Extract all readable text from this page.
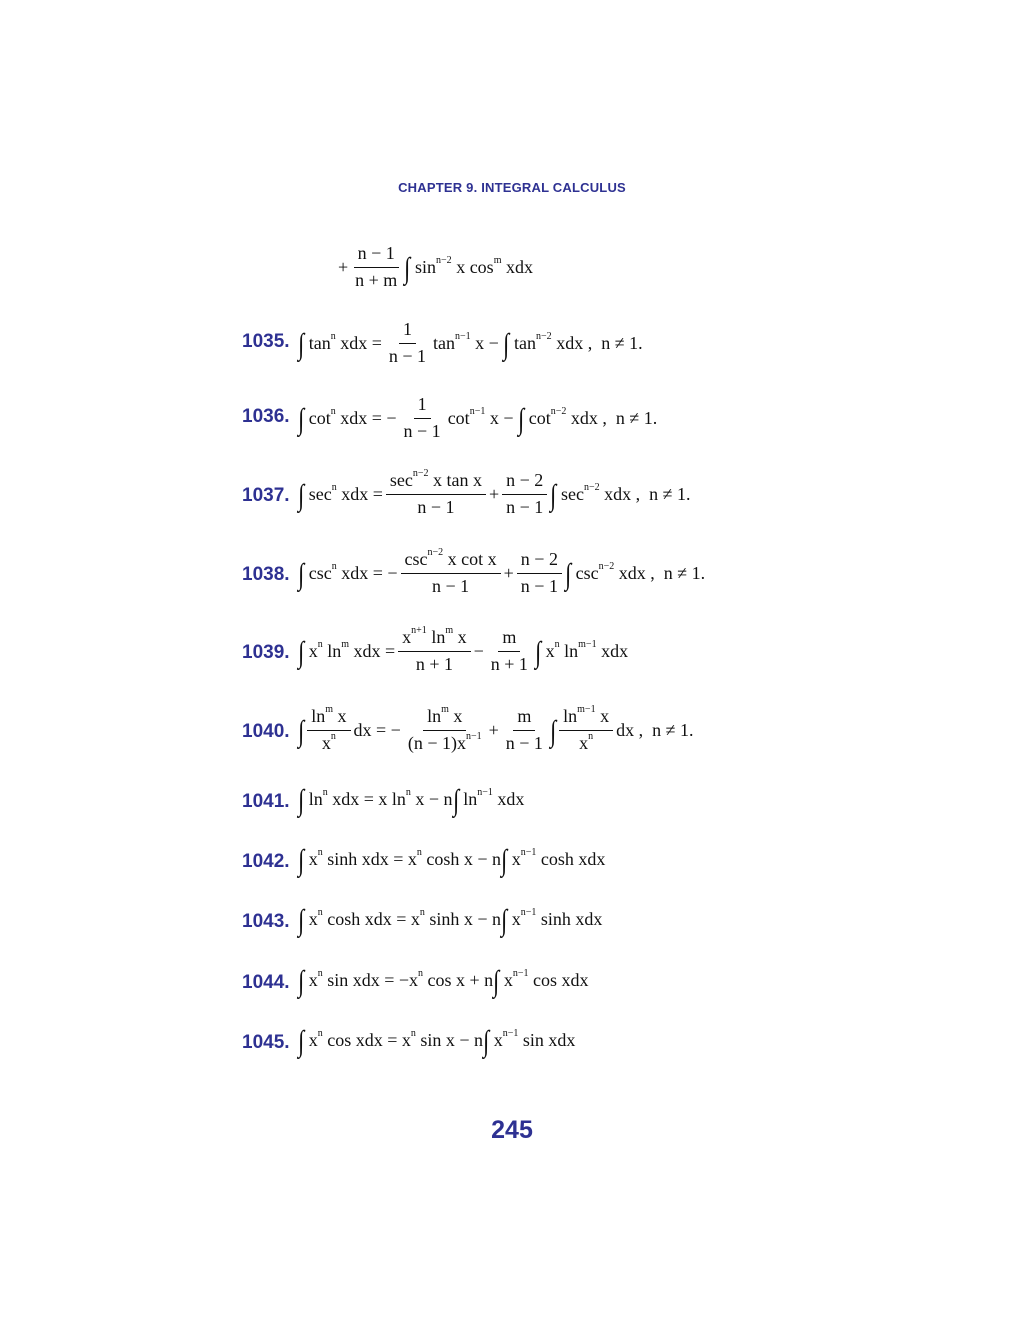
CHAPTER 9. INTEGRAL CALCULUS
+ $\frac{n - 1}{n + m}$ ∫ $\sin^{n-2} x$ $\cos^m$ xdx
1035. ∫ $\tan^n$ xdx = $\frac{1}{n - 1} \tan^{n-1} x$ − ∫ $\tan^{n-2}$ xdx ,  n ≠ 1.
1036. ∫ $\cot^n$ xdx = − $\frac{1}{n - 1} \cot^{n-1} x$ − ∫ $\cot^{n-2}$ xdx ,  n ≠ 1.
1037. ∫ $\sec^n$ xdx = $\frac{\sec^{n-2} x \tan x}{n - 1} + \frac{n - 2}{n - 1}$ ∫ $\sec^{n-2}$ xdx ,  n ≠ 1.
1038. ∫ $\csc^n$ xdx = − $\frac{\csc^{n-2} x \cot x}{n - 1} + \frac{n - 2}{n - 1}$ ∫ $\csc^{n-2}$ xdx ,  n ≠ 1.
1039. ∫ $x^n$ $\ln^m$ xdx = $\frac{x^{n+1} \ln^m x}{n + 1} - \frac{m}{n + 1}$ ∫ $x^n$ $\ln^{m-1}$ xdx
1040. ∫ $\frac{\ln^m x}{x^n}$ dx = − $\frac{\ln^m x}{(n - 1)x^{n-1}} + \frac{m}{n - 1}$ ∫ $\frac{\ln^{m-1} x}{x^n}$ dx ,  n ≠ 1.
1041. ∫ $\ln^n$ xdx = x $\ln^n x - n$ ∫ $\ln^{n-1}$ xdx
1042. ∫ $x^n$ sinh xdx = $x^n$ cosh x − n ∫ $x^{n-1}$ cosh xdx
1043. ∫ $x^n$ cosh xdx = $x^n$ sinh x − n ∫ $x^{n-1}$ sinh xdx
1044. ∫ $x^n$ sin xdx = $-x^n$ cos x + n ∫ $x^{n-1}$ cos xdx
1045. ∫ $x^n$ cos xdx = $x^n$ sin x − n ∫ $x^{n-1}$ sin xdx
245
